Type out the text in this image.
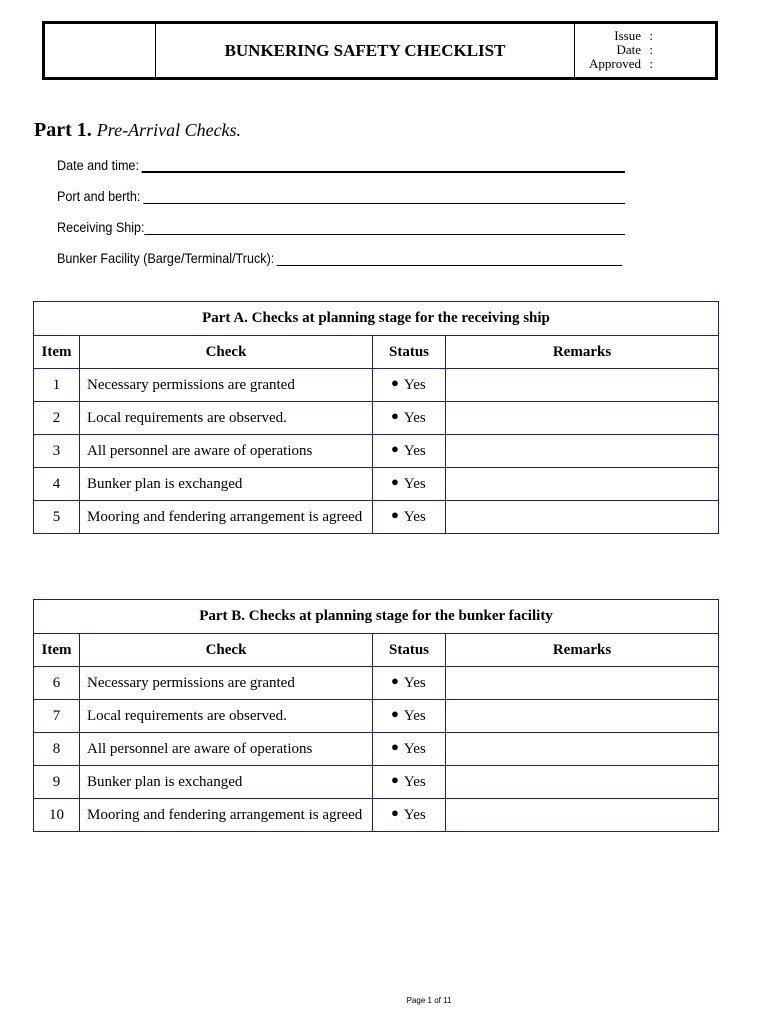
BUNKERING SAFETY CHECKLIST
Issue :
Date :
Approved :
Part 1. Pre-Arrival Checks.
Date and time:
Port and berth:
Receiving Ship:
Bunker Facility (Barge/Terminal/Truck):
Part A. Checks at planning stage for the receiving ship			
Item	Check	Status	Remarks
1	Necessary permissions are granted	● Yes	
2	Local requirements are observed.	● Yes	
3	All personnel are aware of operations	● Yes	
4	Bunker plan is exchanged	● Yes	
5	Mooring and fendering arrangement is agreed	● Yes	
Part B. Checks at planning stage for the bunker facility			
Item	Check	Status	Remarks
6	Necessary permissions are granted	● Yes	
7	Local requirements are observed.	● Yes	
8	All personnel are aware of operations	● Yes	
9	Bunker plan is exchanged	● Yes	
10	Mooring and fendering arrangement is agreed	● Yes	
Page 1 of 11
